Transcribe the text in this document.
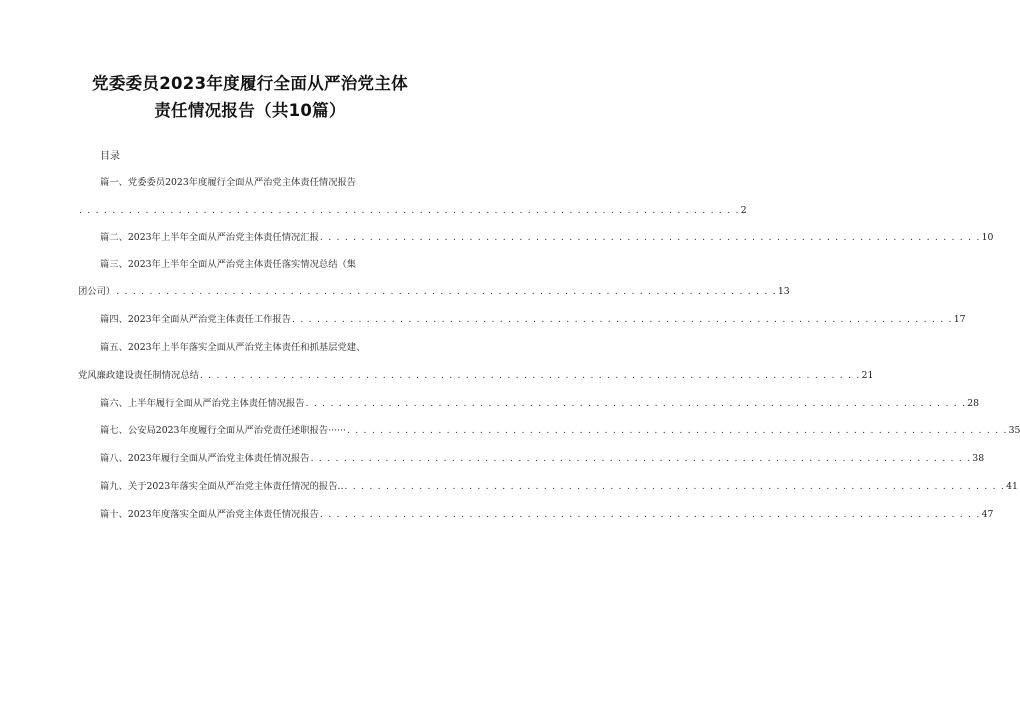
党委委员2023年度履行全面从严治党主体
责任情况报告（共10篇）
目录
篇一、党委委员2023年度履行全面从严治党主体责任情况报告
. . . . . . . . . . . . . . . . . . . . . . . . . . . . . . . . . . . . . . . . . . . . . . . . . . . . . . . . . . . . . . . . . . . . . . . . . . . . . . . . 2
篇二、2023年上半年全面从严治党主体责任情况汇报 . . . . . . . . . . . . . . . . . . . . . . . . . . . . . . . . . . . . . . . . . . . . . . . . . . . . . . . . . . . . . . . . . . . . . . . . . . . . . . . . 10
篇三、2023年上半年全面从严治党主体责任落实情况总结（集
团公司） . . . . . . . . . . . . . . . . . . . . . . . . . . . . . . . . . . . . . . . . . . . . . . . . . . . . . . . . . . . . . . . . . . . . . . . . . . . . . . . . 13
篇四、2023年全面从严治党主体责任工作报告 . . . . . . . . . . . . . . . . . . . . . . . . . . . . . . . . . . . . . . . . . . . . . . . . . . . . . . . . . . . . . . . . . . . . . . . . . . . . . . . . 17
篇五、2023年上半年落实全面从严治党主体责任和抓基层党建、
党风廉政建设责任制情况总结 . . . . . . . . . . . . . . . . . . . . . . . . . . . . . . . . . . . . . . . . . . . . . . . . . . . . . . . . . . . . . . . . . . . . . . . . . . . . . . . . 21
篇六、上半年履行全面从严治党主体责任情况报告 . . . . . . . . . . . . . . . . . . . . . . . . . . . . . . . . . . . . . . . . . . . . . . . . . . . . . . . . . . . . . . . . . . . . . . . . . . . . . . . . 28
篇七、公安局2023年度履行全面从严治党责任述职报告······ . . . . . . . . . . . . . . . . . . . . . . . . . . . . . . . . . . . . . . . . . . . . . . . . . . . . . . . . . . . . . . . . . . . . . . . . . . . . . . . . 35
篇八、2023年履行全面从严治党主体责任情况报告 . . . . . . . . . . . . . . . . . . . . . . . . . . . . . . . . . . . . . . . . . . . . . . . . . . . . . . . . . . . . . . . . . . . . . . . . . . . . . . . . 38
篇九、关于2023年落实全面从严治党主体责任情况的报告.. . . . . . . . . . . . . . . . . . . . . . . . . . . . . . . . . . . . . . . . . . . . . . . . . . . . . . . . . . . . . . . . . . . . . . . . . . . . . . . . . 41
篇十、2023年度落实全面从严治党主体责任情况报告 . . . . . . . . . . . . . . . . . . . . . . . . . . . . . . . . . . . . . . . . . . . . . . . . . . . . . . . . . . . . . . . . . . . . . . . . . . . . . . . . 47
